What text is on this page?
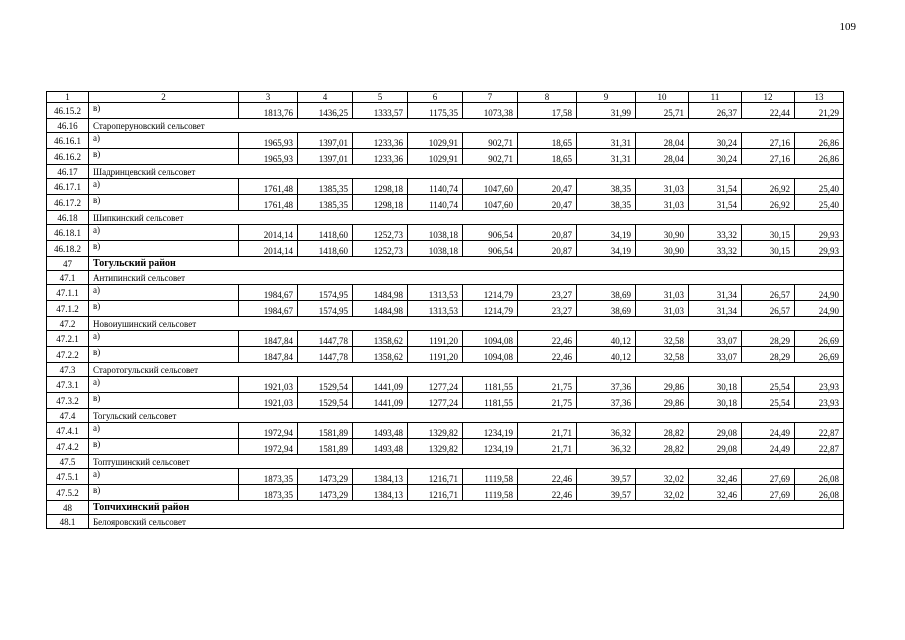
109
1	2	3	4	5	6	7	8	9	10	11	12	13
46.15.2	в)	1813,76	1436,25	1333,57	1175,35	1073,38	17,58	31,99	25,71	26,37	22,44	21,29
46.16	Староперуновский сельсовет											
46.16.1	а)	1965,93	1397,01	1233,36	1029,91	902,71	18,65	31,31	28,04	30,24	27,16	26,86
46.16.2	в)	1965,93	1397,01	1233,36	1029,91	902,71	18,65	31,31	28,04	30,24	27,16	26,86
46.17	Шадринцевский сельсовет											
46.17.1	а)	1761,48	1385,35	1298,18	1140,74	1047,60	20,47	38,35	31,03	31,54	26,92	25,40
46.17.2	в)	1761,48	1385,35	1298,18	1140,74	1047,60	20,47	38,35	31,03	31,54	26,92	25,40
46.18	Шипкинский сельсовет											
46.18.1	а)	2014,14	1418,60	1252,73	1038,18	906,54	20,87	34,19	30,90	33,32	30,15	29,93
46.18.2	в)	2014,14	1418,60	1252,73	1038,18	906,54	20,87	34,19	30,90	33,32	30,15	29,93
47	Тогульский район											
47.1	Антипинский сельсовет											
47.1.1	а)	1984,67	1574,95	1484,98	1313,53	1214,79	23,27	38,69	31,03	31,34	26,57	24,90
47.1.2	в)	1984,67	1574,95	1484,98	1313,53	1214,79	23,27	38,69	31,03	31,34	26,57	24,90
47.2	Новоиушинский сельсовет											
47.2.1	а)	1847,84	1447,78	1358,62	1191,20	1094,08	22,46	40,12	32,58	33,07	28,29	26,69
47.2.2	в)	1847,84	1447,78	1358,62	1191,20	1094,08	22,46	40,12	32,58	33,07	28,29	26,69
47.3	Старотогульский сельсовет											
47.3.1	а)	1921,03	1529,54	1441,09	1277,24	1181,55	21,75	37,36	29,86	30,18	25,54	23,93
47.3.2	в)	1921,03	1529,54	1441,09	1277,24	1181,55	21,75	37,36	29,86	30,18	25,54	23,93
47.4	Тогульский сельсовет											
47.4.1	а)	1972,94	1581,89	1493,48	1329,82	1234,19	21,71	36,32	28,82	29,08	24,49	22,87
47.4.2	в)	1972,94	1581,89	1493,48	1329,82	1234,19	21,71	36,32	28,82	29,08	24,49	22,87
47.5	Топтушинский сельсовет											
47.5.1	а)	1873,35	1473,29	1384,13	1216,71	1119,58	22,46	39,57	32,02	32,46	27,69	26,08
47.5.2	в)	1873,35	1473,29	1384,13	1216,71	1119,58	22,46	39,57	32,02	32,46	27,69	26,08
48	Топчихинский район											
48.1	Белояровский сельсовет											
